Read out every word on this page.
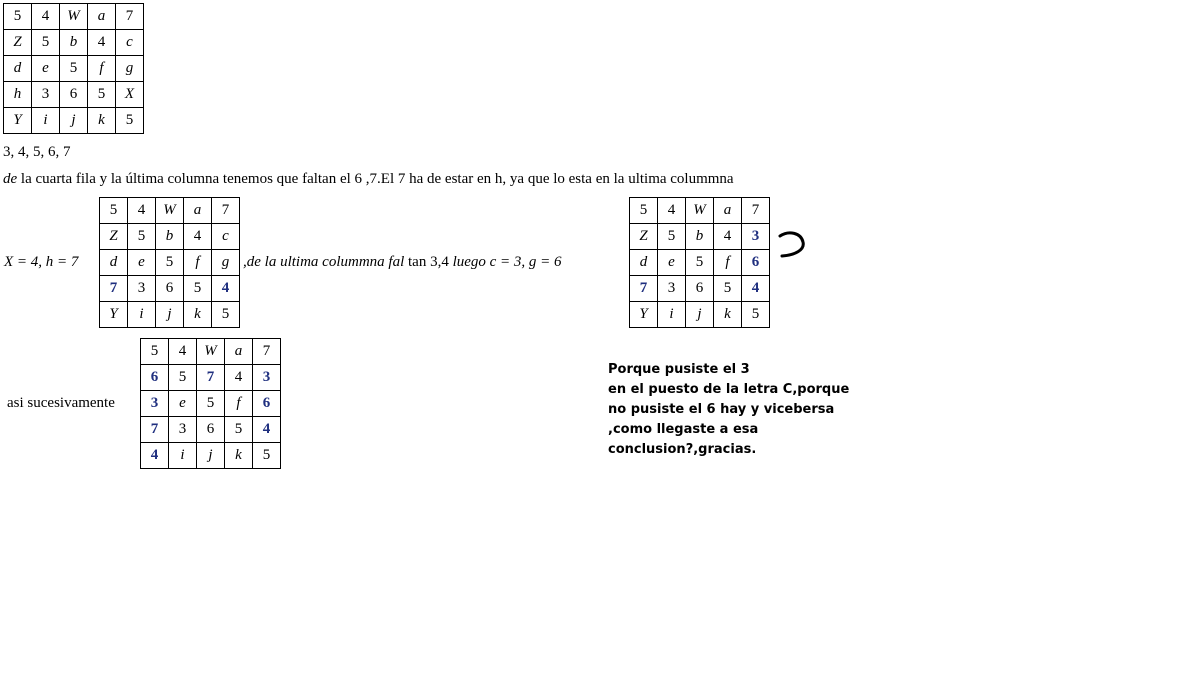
5	4	W	a	7
Z	5	b	4	c
d	e	5	f	g
h	3	6	5	X
Y	i	j	k	5
3, 4, 5, 6, 7
de la cuarta fila y la última columna tenemos que faltan el 6 ,7.El 7 ha de estar en h, ya que lo esta en la ultima colummna
X = 4, h = 7
5	4	W	a	7
Z	5	b	4	c
d	e	5	f	g
7	3	6	5	4
Y	i	j	k	5
,de la ultima colummna fal tan 3,4 luego c = 3, g = 6
5	4	W	a	7
Z	5	b	4	3
d	e	5	f	6
7	3	6	5	4
Y	i	j	k	5
asi sucesivamente
5	4	W	a	7
6	5	7	4	3
3	e	5	f	6
7	3	6	5	4
4	i	j	k	5
Porque pusiste el 3
en el puesto de la letra C,porque
no pusiste el 6 hay y vicebersa
,como llegaste a esa
conclusion?,gracias.
